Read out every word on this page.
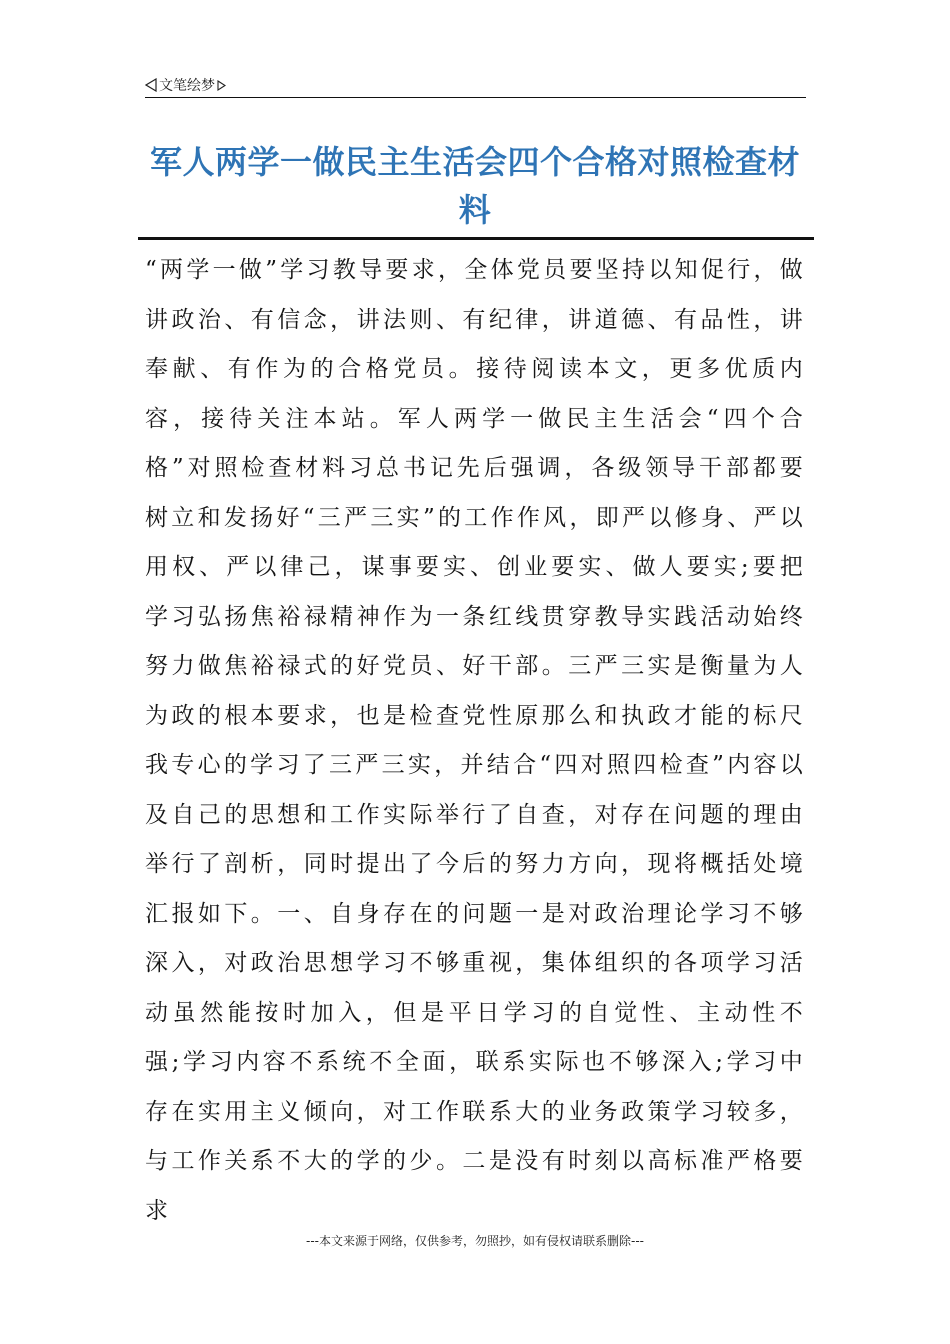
文笔绘梦
军人两学一做民主生活会四个合格对照检查材料

“两学一做”学习教导要求，全体党员要坚持以知促行，做讲政治、有信念，讲法则、有纪律，讲道德、有品性，讲奉献、有作为的合格党员。接待阅读本文，更多优质内容，接待关注本站。军人两学一做民主生活会“四个合格”对照检查材料习总书记先后强调，各级领导干部都要树立和发扬好“三严三实”的工作作风，即严以修身、严以用权、严以律己，谋事要实、创业要实、做人要实;要把学习弘扬焦裕禄精神作为一条红线贯穿教导实践活动始终努力做焦裕禄式的好党员、好干部。三严三实是衡量为人为政的根本要求，也是检查党性原那么和执政才能的标尺我专心的学习了三严三实，并结合“四对照四检查”内容以及自己的思想和工作实际举行了自查，对存在问题的理由举行了剖析，同时提出了今后的努力方向，现将概括处境汇报如下。一、自身存在的问题一是对政治理论学习不够深入，对政治思想学习不够重视，集体组织的各项学习活动虽然能按时加入，但是平日学习的自觉性、主动性不强;学习内容不系统不全面，联系实际也不够深入;学习中存在实用主义倾向，对工作联系大的业务政策学习较多，与工作关系不大的学的少。二是没有时刻以高标准严格要求

---本文来源于网络，仅供参考，勿照抄，如有侵权请联系删除---
